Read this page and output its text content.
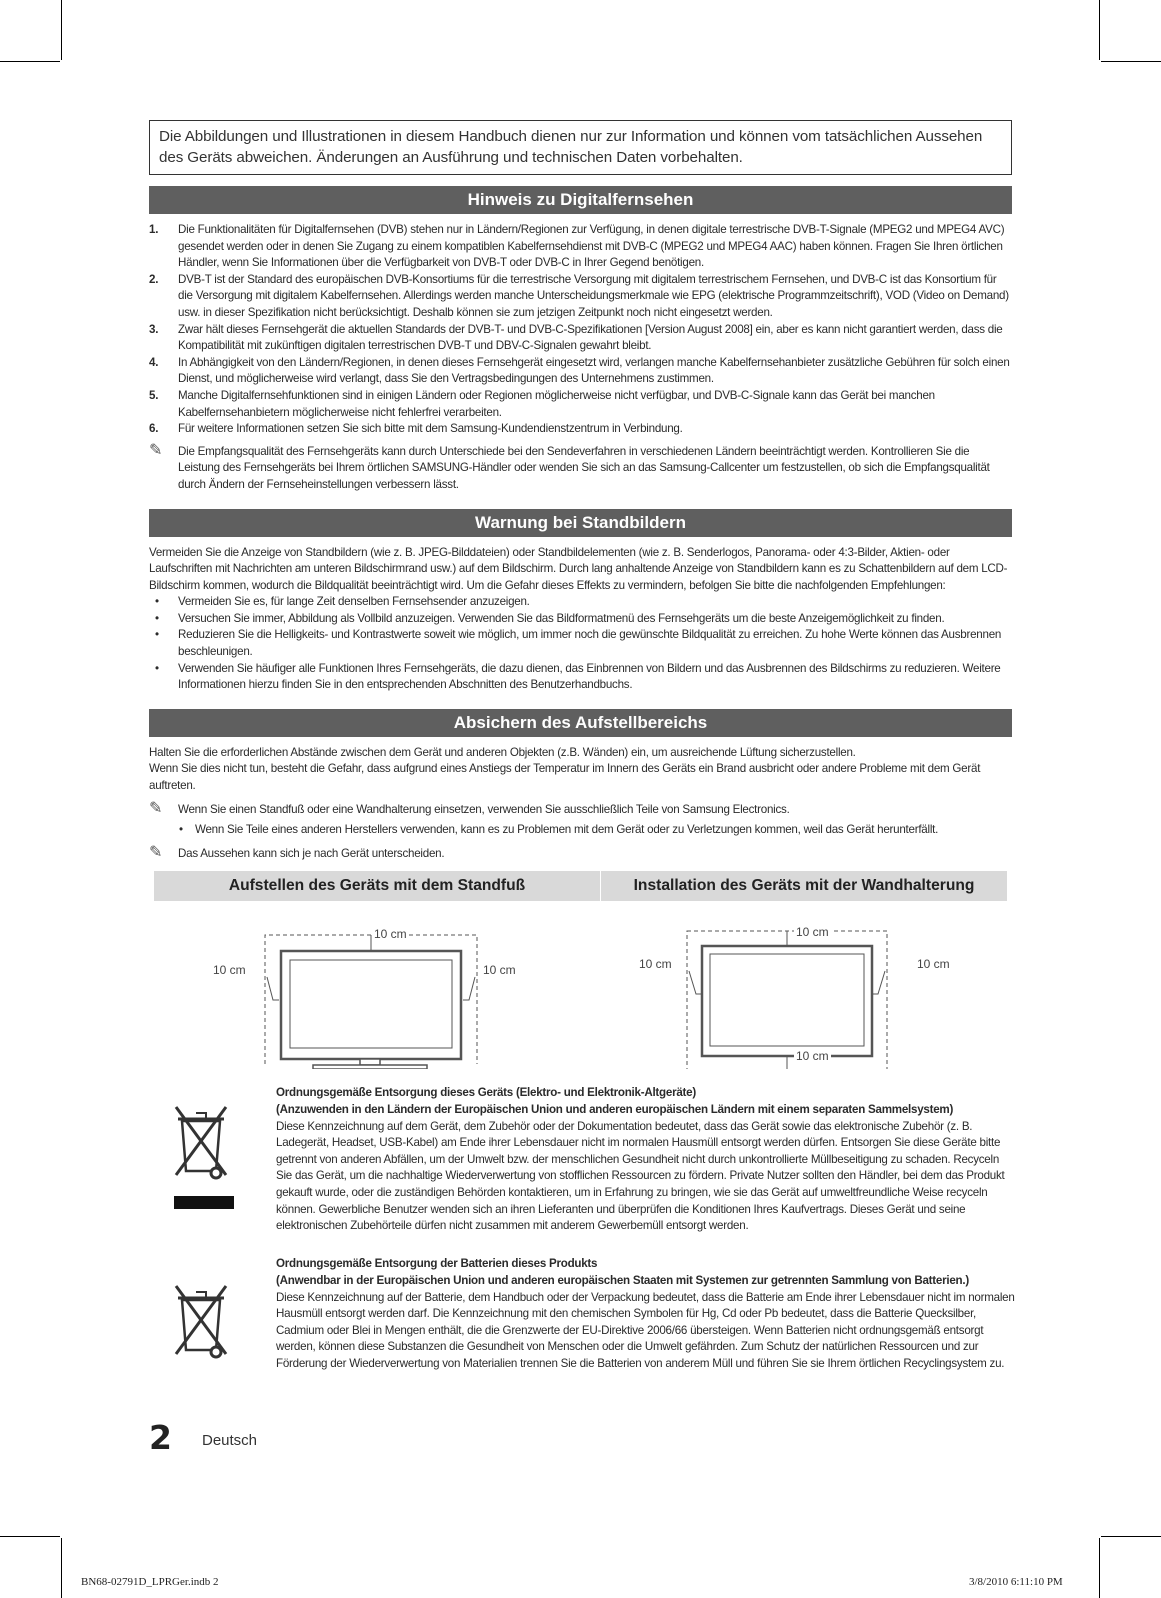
Die Abbildungen und Illustrationen in diesem Handbuch dienen nur zur Information und können vom tatsächlichen Aussehen des Geräts abweichen. Änderungen an Ausführung und technischen Daten vorbehalten.
Hinweis zu Digitalfernsehen
1. Die Funktionalitäten für Digitalfernsehen (DVB) stehen nur in Ländern/Regionen zur Verfügung, in denen digitale terrestrische DVB-T-Signale (MPEG2 und MPEG4 AVC) gesendet werden oder in denen Sie Zugang zu einem kompatiblen Kabelfernsehdienst mit DVB-C (MPEG2 und MPEG4 AAC) haben können. Fragen Sie Ihren örtlichen Händler, wenn Sie Informationen über die Verfügbarkeit von DVB-T oder DVB-C in Ihrer Gegend benötigen.
2. DVB-T ist der Standard des europäischen DVB-Konsortiums für die terrestrische Versorgung mit digitalem terrestrischem Fernsehen, und DVB-C ist das Konsortium für die Versorgung mit digitalem Kabelfernsehen. Allerdings werden manche Unterscheidungsmerkmale wie EPG (elektrische Programmzeitschrift), VOD (Video on Demand) usw. in dieser Spezifikation nicht berücksichtigt. Deshalb können sie zum jetzigen Zeitpunkt noch nicht eingesetzt werden.
3. Zwar hält dieses Fernsehgerät die aktuellen Standards der DVB-T- und DVB-C-Spezifikationen [Version August 2008] ein, aber es kann nicht garantiert werden, dass die Kompatibilität mit zukünftigen digitalen terrestrischen DVB-T und DBV-C-Signalen gewahrt bleibt.
4. In Abhängigkeit von den Ländern/Regionen, in denen dieses Fernsehgerät eingesetzt wird, verlangen manche Kabelfernsehanbieter zusätzliche Gebühren für solch einen Dienst, und möglicherweise wird verlangt, dass Sie den Vertragsbedingungen des Unternehmens zustimmen.
5. Manche Digitalfernsehfunktionen sind in einigen Ländern oder Regionen möglicherweise nicht verfügbar, und DVB-C-Signale kann das Gerät bei manchen Kabelfernsehanbietern möglicherweise nicht fehlerfrei verarbeiten.
6. Für weitere Informationen setzen Sie sich bitte mit dem Samsung-Kundendienstzentrum in Verbindung.
✎ Die Empfangsqualität des Fernsehgeräts kann durch Unterschiede bei den Sendeverfahren in verschiedenen Ländern beeinträchtigt werden. Kontrollieren Sie die Leistung des Fernsehgeräts bei Ihrem örtlichen SAMSUNG-Händler oder wenden Sie sich an das Samsung-Callcenter um festzustellen, ob sich die Empfangsqualität durch Ändern der Fernseheinstellungen verbessern lässt.
Warnung bei Standbildern
Vermeiden Sie die Anzeige von Standbildern (wie z. B. JPEG-Bilddateien) oder Standbildelementen (wie z. B. Senderlogos, Panorama- oder 4:3-Bilder, Aktien- oder Laufschriften mit Nachrichten am unteren Bildschirmrand usw.) auf dem Bildschirm. Durch lang anhaltende Anzeige von Standbildern kann es zu Schattenbildern auf dem LCD-Bildschirm kommen, wodurch die Bildqualität beeinträchtigt wird. Um die Gefahr dieses Effekts zu vermindern, befolgen Sie bitte die nachfolgenden Empfehlungen:
• Vermeiden Sie es, für lange Zeit denselben Fernsehsender anzuzeigen.
• Versuchen Sie immer, Abbildung als Vollbild anzuzeigen. Verwenden Sie das Bildformatmenü des Fernsehgeräts um die beste Anzeigemöglichkeit zu finden.
• Reduzieren Sie die Helligkeits- und Kontrastwerte soweit wie möglich, um immer noch die gewünschte Bildqualität zu erreichen. Zu hohe Werte können das Ausbrennen beschleunigen.
• Verwenden Sie häufiger alle Funktionen Ihres Fernsehgeräts, die dazu dienen, das Einbrennen von Bildern und das Ausbrennen des Bildschirms zu reduzieren. Weitere Informationen hierzu finden Sie in den entsprechenden Abschnitten des Benutzerhandbuchs.
Absichern des Aufstellbereichs
Halten Sie die erforderlichen Abstände zwischen dem Gerät und anderen Objekten (z.B. Wänden) ein, um ausreichende Lüftung sicherzustellen.
Wenn Sie dies nicht tun, besteht die Gefahr, dass aufgrund eines Anstiegs der Temperatur im Innern des Geräts ein Brand ausbricht oder andere Probleme mit dem Gerät auftreten.
✎ Wenn Sie einen Standfuß oder eine Wandhalterung einsetzen, verwenden Sie ausschließlich Teile von Samsung Electronics.
• Wenn Sie Teile eines anderen Herstellers verwenden, kann es zu Problemen mit dem Gerät oder zu Verletzungen kommen, weil das Gerät herunterfällt.
✎ Das Aussehen kann sich je nach Gerät unterscheiden.
Aufstellen des Geräts mit dem Standfuß	Installation des Geräts mit der Wandhalterung
10 cm
10 cm	10 cm
10 cm
10 cm	10 cm
10 cm
Ordnungsgemäße Entsorgung dieses Geräts (Elektro- und Elektronik-Altgeräte)
(Anzuwenden in den Ländern der Europäischen Union und anderen europäischen Ländern mit einem separaten Sammelsystem)
Diese Kennzeichnung auf dem Gerät, dem Zubehör oder der Dokumentation bedeutet, dass das Gerät sowie das elektronische Zubehör (z. B. Ladegerät, Headset, USB-Kabel) am Ende ihrer Lebensdauer nicht im normalen Hausmüll entsorgt werden dürfen. Entsorgen Sie diese Geräte bitte getrennt von anderen Abfällen, um der Umwelt bzw. der menschlichen Gesundheit nicht durch unkontrollierte Müllbeseitigung zu schaden. Recyceln Sie das Gerät, um die nachhaltige Wiederverwertung von stofflichen Ressourcen zu fördern. Private Nutzer sollten den Händler, bei dem das Produkt gekauft wurde, oder die zuständigen Behörden kontaktieren, um in Erfahrung zu bringen, wie sie das Gerät auf umweltfreundliche Weise recyceln können. Gewerbliche Benutzer wenden sich an ihren Lieferanten und überprüfen die Konditionen Ihres Kaufvertrags. Dieses Gerät und seine elektronischen Zubehörteile dürfen nicht zusammen mit anderem Gewerbemüll entsorgt werden.
Ordnungsgemäße Entsorgung der Batterien dieses Produkts
(Anwendbar in der Europäischen Union und anderen europäischen Staaten mit Systemen zur getrennten Sammlung von Batterien.)
Diese Kennzeichnung auf der Batterie, dem Handbuch oder der Verpackung bedeutet, dass die Batterie am Ende ihrer Lebensdauer nicht im normalen Hausmüll entsorgt werden darf. Die Kennzeichnung mit den chemischen Symbolen für Hg, Cd oder Pb bedeutet, dass die Batterie Quecksilber, Cadmium oder Blei in Mengen enthält, die die Grenzwerte der EU-Direktive 2006/66 übersteigen. Wenn Batterien nicht ordnungsgemäß entsorgt werden, können diese Substanzen die Gesundheit von Menschen oder die Umwelt gefährden. Zum Schutz der natürlichen Ressourcen und zur Förderung der Wiederverwertung von Materialien trennen Sie die Batterien von anderem Müll und führen Sie sie Ihrem örtlichen Recyclingsystem zu.
2 Deutsch
BN68-02791D_LPRGer.indb 2	3/8/2010 6:11:10 PM
